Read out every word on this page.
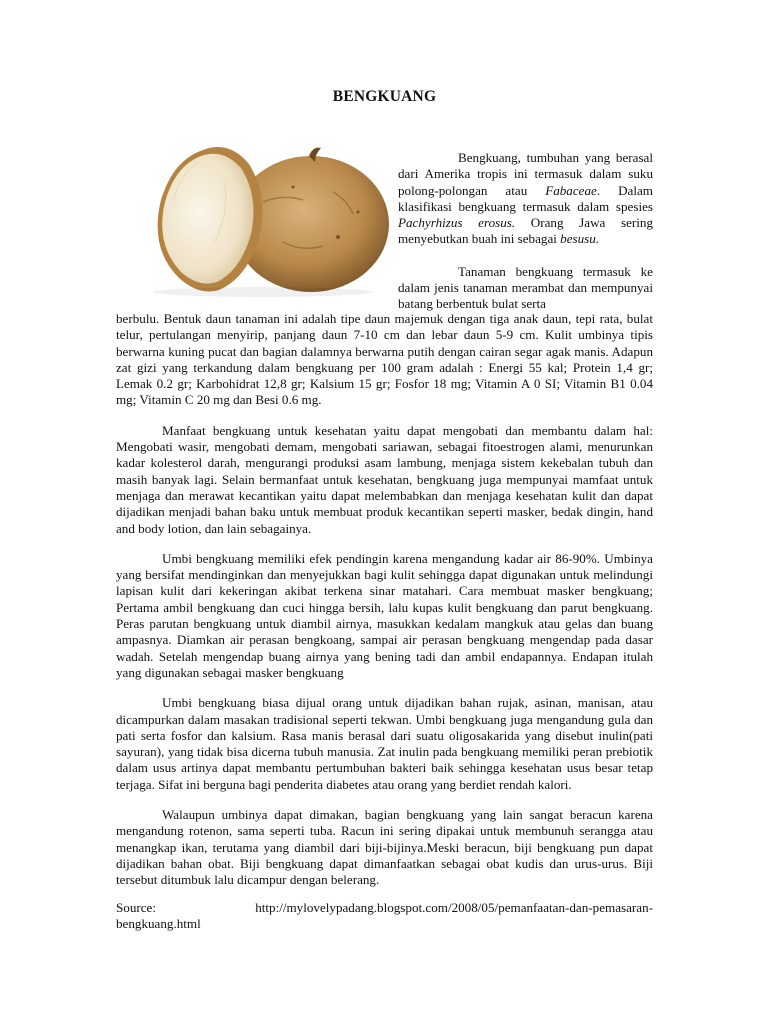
BENGKUANG

Bengkuang, tumbuhan yang berasal dari Amerika tropis ini termasuk dalam suku polong-polongan atau Fabaceae. Dalam klasifikasi bengkuang termasuk dalam spesies Pachyrhizus erosus. Orang Jawa sering menyebutkan buah ini sebagai besusu.

Tanaman bengkuang termasuk ke dalam jenis tanaman merambat dan mempunyai batang berbentuk bulat serta

berbulu. Bentuk daun tanaman ini adalah tipe daun majemuk dengan tiga anak daun, tepi rata, bulat telur, pertulangan menyirip, panjang daun 7-10 cm dan lebar daun 5-9 cm. Kulit umbinya tipis berwarna kuning pucat dan bagian dalamnya berwarna putih dengan cairan segar agak manis. Adapun zat gizi yang terkandung dalam bengkuang per 100 gram adalah : Energi 55 kal; Protein 1,4 gr; Lemak 0.2 gr; Karbohidrat 12,8 gr; Kalsium 15 gr; Fosfor 18 mg; Vitamin A 0 SI; Vitamin B1 0.04 mg; Vitamin C 20 mg dan Besi 0.6 mg.

Manfaat bengkuang untuk kesehatan yaitu dapat mengobati dan membantu dalam hal: Mengobati wasir, mengobati demam, mengobati sariawan, sebagai fitoestrogen alami, menurunkan kadar kolesterol darah, mengurangi produksi asam lambung, menjaga sistem kekebalan tubuh dan masih banyak lagi. Selain bermanfaat untuk kesehatan, bengkuang juga mempunyai mamfaat untuk menjaga dan merawat kecantikan yaitu dapat melembabkan dan menjaga kesehatan kulit dan dapat dijadikan menjadi bahan baku untuk membuat produk kecantikan seperti masker, bedak dingin, hand and body lotion, dan lain sebagainya.

Umbi bengkuang memiliki efek pendingin karena mengandung kadar air 86-90%. Umbinya yang bersifat mendinginkan dan menyejukkan bagi kulit sehingga dapat digunakan untuk melindungi lapisan kulit dari kekeringan akibat terkena sinar matahari. Cara membuat masker bengkuang; Pertama ambil bengkuang dan cuci hingga bersih, lalu kupas kulit bengkuang dan parut bengkuang. Peras parutan bengkuang untuk diambil airnya, masukkan kedalam mangkuk atau gelas dan buang ampasnya. Diamkan air perasan bengkoang, sampai air perasan bengkuang mengendap pada dasar wadah. Setelah mengendap buang airnya yang bening tadi dan ambil endapannya. Endapan itulah yang digunakan sebagai masker bengkuang

Umbi bengkuang biasa dijual orang untuk dijadikan bahan rujak, asinan, manisan, atau dicampurkan dalam masakan tradisional seperti tekwan. Umbi bengkuang juga mengandung gula dan pati serta fosfor dan kalsium. Rasa manis berasal dari suatu oligosakarida yang disebut inulin(pati sayuran), yang tidak bisa dicerna tubuh manusia. Zat inulin pada bengkuang memiliki peran prebiotik dalam usus artinya dapat membantu pertumbuhan bakteri baik sehingga kesehatan usus besar tetap terjaga. Sifat ini berguna bagi penderita diabetes atau orang yang berdiet rendah kalori.

Walaupun umbinya dapat dimakan, bagian bengkuang yang lain sangat beracun karena mengandung rotenon, sama seperti tuba. Racun ini sering dipakai untuk membunuh serangga atau menangkap ikan, terutama yang diambil dari biji-bijinya.Meski beracun, biji bengkuang pun dapat dijadikan bahan obat. Biji bengkuang dapat dimanfaatkan sebagai obat kudis dan urus-urus. Biji tersebut ditumbuk lalu dicampur dengan belerang.

Source:	http://mylovelypadang.blogspot.com/2008/05/pemanfaatan-dan-pemasaran-
bengkuang.html
